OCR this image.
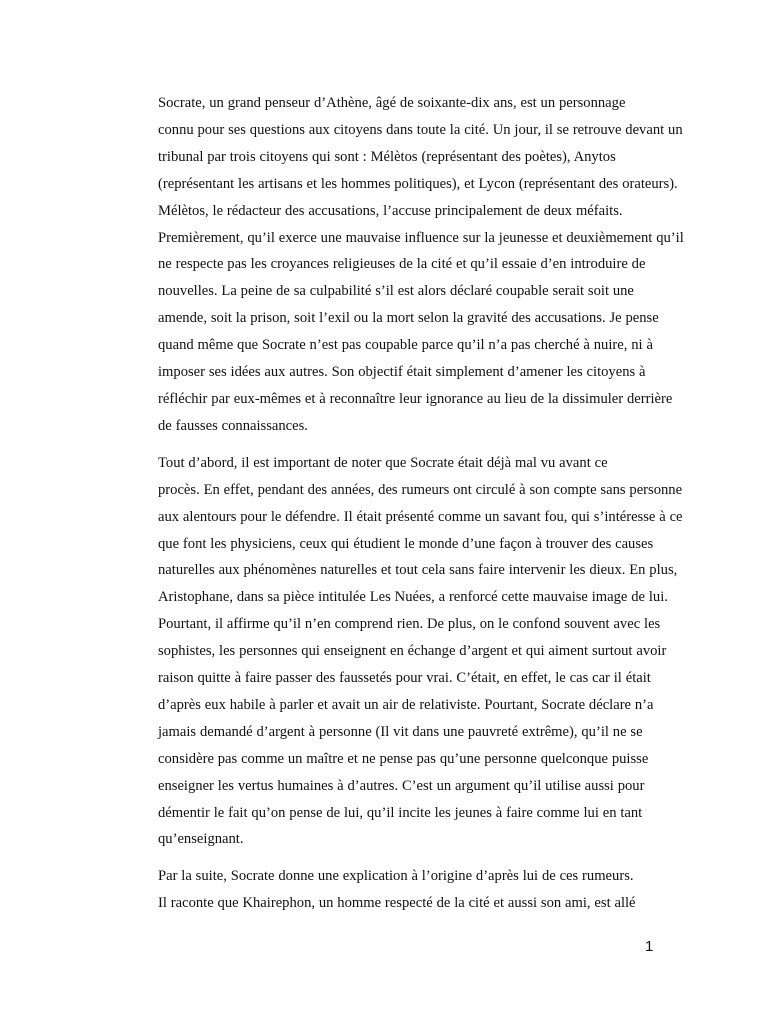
Socrate, un grand penseur d’Athène, âgé de soixante-dix ans, est un personnage
connu pour ses questions aux citoyens dans toute la cité. Un jour, il se retrouve devant un
tribunal par trois citoyens qui sont : Mélètos (représentant des poètes), Anytos
(représentant les artisans et les hommes politiques), et Lycon (représentant des orateurs).
Mélètos, le rédacteur des accusations, l’accuse principalement de deux méfaits.
Premièrement, qu’il exerce une mauvaise influence sur la jeunesse et deuxièmement qu’il
ne respecte pas les croyances religieuses de la cité et qu’il essaie d’en introduire de
nouvelles. La peine de sa culpabilité s’il est alors déclaré coupable serait soit une
amende, soit la prison, soit l’exil ou la mort selon la gravité des accusations. Je pense
quand même que Socrate n’est pas coupable parce qu’il n’a pas cherché à nuire, ni à
imposer ses idées aux autres. Son objectif était simplement d’amener les citoyens à
réfléchir par eux-mêmes et à reconnaître leur ignorance au lieu de la dissimuler derrière
de fausses connaissances.

Tout d’abord, il est important de noter que Socrate était déjà mal vu avant ce
procès. En effet, pendant des années, des rumeurs ont circulé à son compte sans personne
aux alentours pour le défendre. Il était présenté comme un savant fou, qui s’intéresse à ce
que font les physiciens, ceux qui étudient le monde d’une façon à trouver des causes
naturelles aux phénomènes naturelles et tout cela sans faire intervenir les dieux. En plus,
Aristophane, dans sa pièce intitulée Les Nuées, a renforcé cette mauvaise image de lui.
Pourtant, il affirme qu’il n’en comprend rien. De plus, on le confond souvent avec les
sophistes, les personnes qui enseignent en échange d’argent et qui aiment surtout avoir
raison quitte à faire passer des faussetés pour vrai. C’était, en effet, le cas car il était
d’après eux habile à parler et avait un air de relativiste. Pourtant, Socrate déclare n’a
jamais demandé d’argent à personne (Il vit dans une pauvreté extrême), qu’il ne se
considère pas comme un maître et ne pense pas qu’une personne quelconque puisse
enseigner les vertus humaines à d’autres. C’est un argument qu’il utilise aussi pour
démentir le fait qu’on pense de lui, qu’il incite les jeunes à faire comme lui en tant
qu’enseignant.

Par la suite, Socrate donne une explication à l’origine d’après lui de ces rumeurs.
Il raconte que Khairephon, un homme respecté de la cité et aussi son ami, est allé

1
